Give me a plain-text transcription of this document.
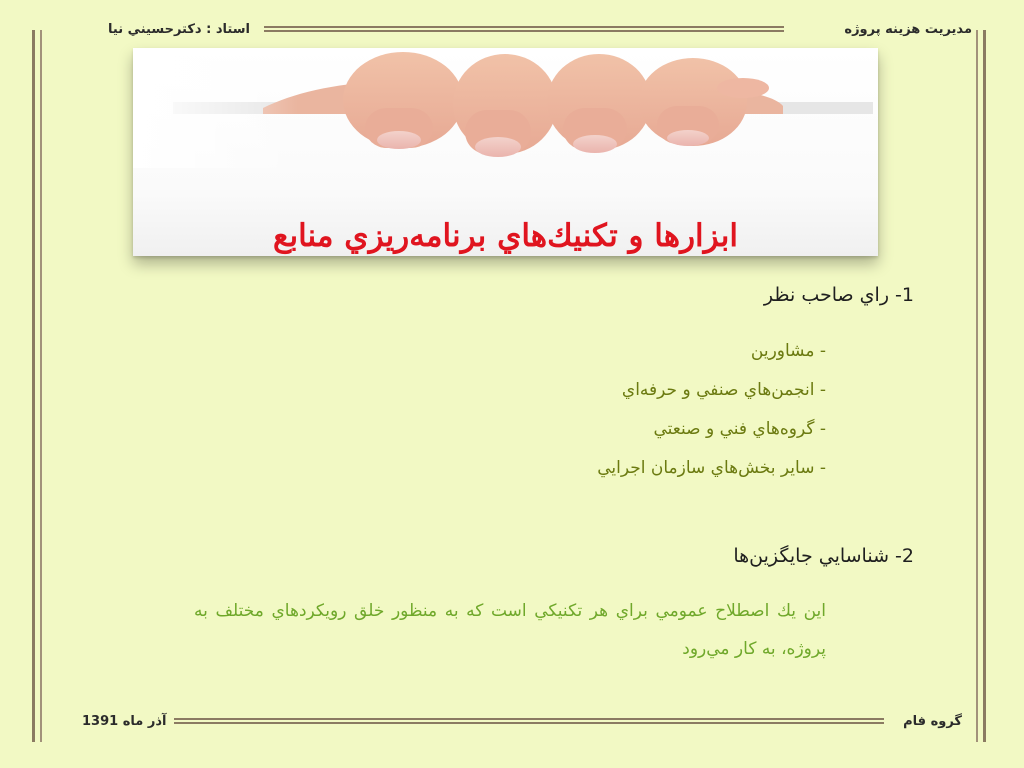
مديريت هزينه پروژه
استاد : دكترحسيني نيا

ابزارها و تكنيك‌هاي برنامه‌ريزي منابع

1- راي صاحب نظر
- مشاورين
- انجمن‌هاي صنفي و حرفه‌اي
- گروه‌هاي فني و صنعتي
- ساير بخش‌هاي سازمان اجرايي
2- شناسايي جايگزين‌ها
اين يك اصطلاح عمومي براي هر تكنيكي است كه به منظور خلق رويكردهاي مختلف به پروژه، به كار مي‌رود
گروه فام
آذر ماه 1391
